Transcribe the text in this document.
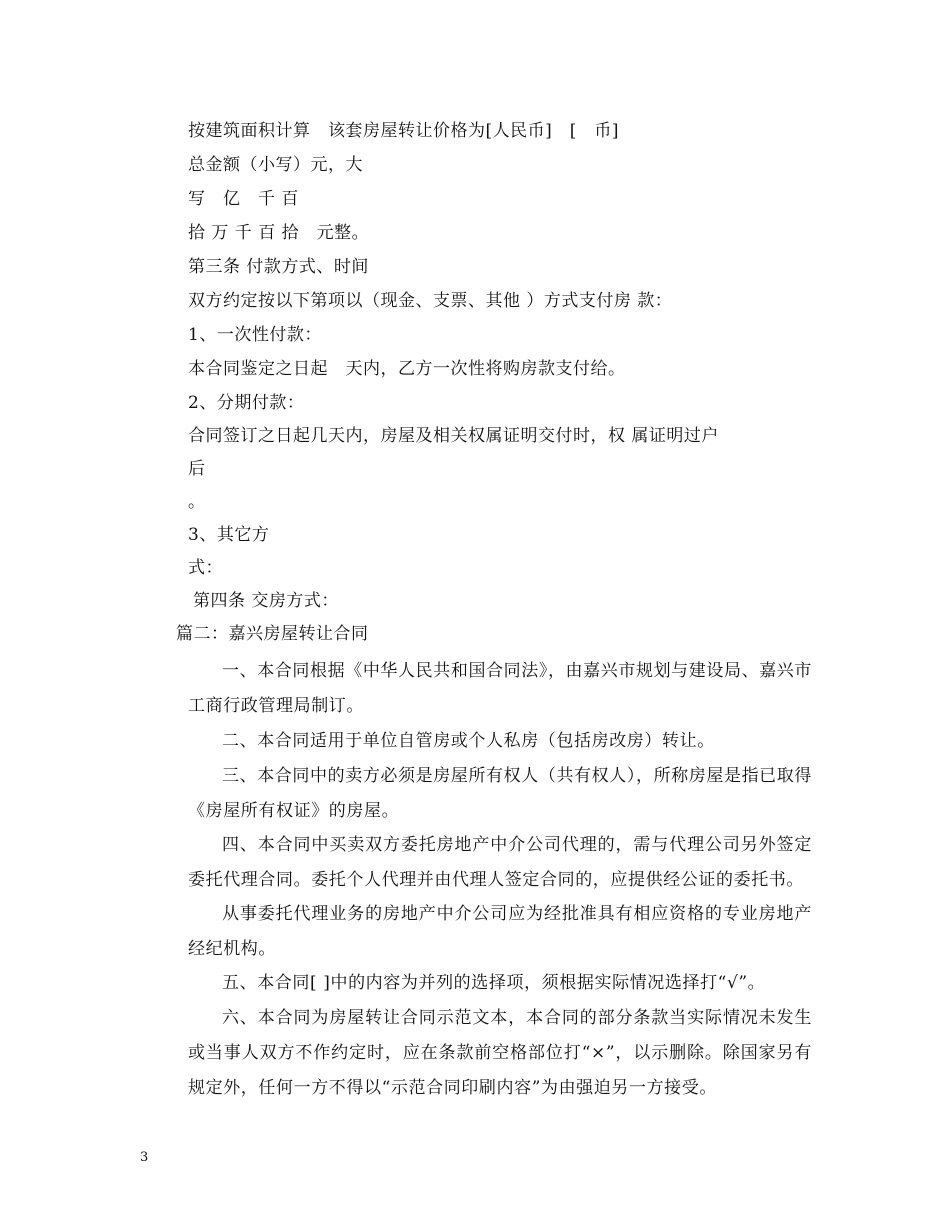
按建筑面积计算　该套房屋转让价格为[人民币]　[　币]
总金额（小写）元，大
写　亿　千 百
拾 万 千 百 拾　元整。
第三条 付款方式、时间
双方约定按以下第项以（现金、支票、其他 ）方式支付房 款：
1、一次性付款：
本合同鉴定之日起　天内，乙方一次性将购房款支付给。
2、分期付款：
合同签订之日起几天内，房屋及相关权属证明交付时，权 属证明过户
后
。
3、其它方
式：
第四条 交房方式：
篇二：嘉兴房屋转让合同
一、本合同根据《中华人民共和国合同法》，由嘉兴市规划与建设局、嘉兴市工商行政管理局制订。
二、本合同适用于单位自管房或个人私房（包括房改房）转让。
三、本合同中的卖方必须是房屋所有权人（共有权人），所称房屋是指已取得《房屋所有权证》的房屋。
四、本合同中买卖双方委托房地产中介公司代理的，需与代理公司另外签定委托代理合同。委托个人代理并由代理人签定合同的，应提供经公证的委托书。
从事委托代理业务的房地产中介公司应为经批准具有相应资格的专业房地产经纪机构。
五、本合同[ ]中的内容为并列的选择项，须根据实际情况选择打“√”。
六、本合同为房屋转让合同示范文本，本合同的部分条款当实际情况未发生或当事人双方不作约定时，应在条款前空格部位打“×”，以示删除。除国家另有规定外，任何一方不得以“示范合同印刷内容”为由强迫另一方接受。
3
